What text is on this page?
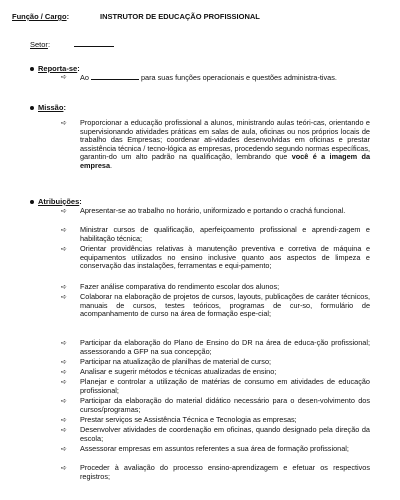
Função / Cargo:	INSTRUTOR DE EDUCAÇÃO PROFISSIONAL
Setor:
Reporta-se:
➪ Ao	para suas funções operacionais e questões administra-tivas.
Missão:
➪ Proporcionar a educação profissional a alunos, ministrando aulas teóri-cas, orientando e supervisionando atividades práticas em salas de aula, oficinas ou nos próprios locais de trabalho das Empresas; coordenar ati-vidades desenvolvidas em oficinas e prestar assistência técnica / tecno-lógica as empresas, procedendo segundo normas específicas, garantin-do um alto padrão na qualificação, lembrando que você é a imagem da empresa.
Atribuições:
➪ Apresentar-se ao trabalho no horário, uniformizado e portando o crachá funcional.
➪ Ministrar cursos de qualificação, aperfeiçoamento profissional e aprendi-zagem e habilitação técnica;
➪ Orientar providências relativas à manutenção preventiva e corretiva de máquina e equipamentos utilizados no ensino inclusive quanto aos aspectos de limpeza e conservação das instalações, ferramentas e equi-pamento;
➪ Fazer análise comparativa do rendimento escolar dos alunos;
➪ Colaborar na elaboração de projetos de cursos, layouts, publicações de caráter técnicos, manuais de cursos, testes teóricos, programas de cur-so, formulário de acompanhamento de curso na área de formação espe-cial;
➪ Participar da elaboração do Plano de Ensino do DR na área de educa-ção profissional; assessorando a GFP na sua concepção;
➪ Participar na atualização de planilhas de material de curso;
➪ Analisar e sugerir métodos e técnicas atualizadas de ensino;
➪ Planejar e controlar a utilização de matérias de consumo em atividades de educação profissional;
➪ Participar da elaboração do material didático necessário para o desen-volvimento dos cursos/programas;
➪ Prestar serviços se Assistência Técnica e Tecnologia as empresas;
➪ Desenvolver atividades de coordenação em oficinas, quando designado pela direção da escola;
➪ Assessorar empresas em assuntos referentes a sua área de formação profissional;
➪ Proceder à avaliação do processo ensino-aprendizagem e efetuar os respectivos registros;
